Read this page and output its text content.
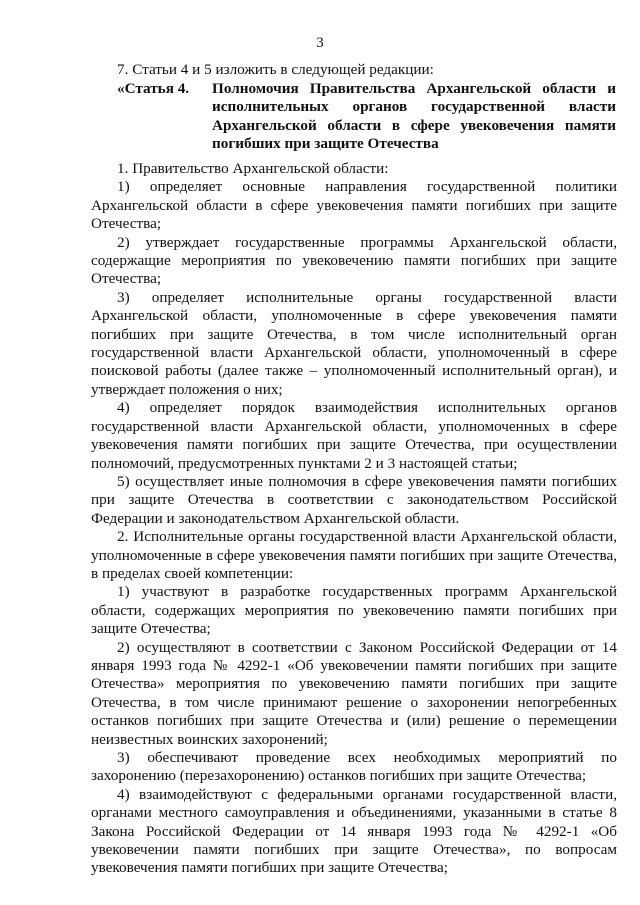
3
7. Статьи 4 и 5 изложить в следующей редакции:
«Статья 4.	Полномочия Правительства Архангельской области и исполнительных органов государственной власти Архангельской области в сфере увековечения памяти погибших при защите Отечества

1. Правительство Архангельской области:

1) определяет основные направления государственной политики Архангельской области в сфере увековечения памяти погибших при защите Отечества;

2) утверждает государственные программы Архангельской области, содержащие мероприятия по увековечению памяти погибших при защите Отечества;

3) определяет исполнительные органы государственной власти Архангельской области, уполномоченные в сфере увековечения памяти погибших при защите Отечества, в том числе исполнительный орган государственной власти Архангельской области, уполномоченный в сфере поисковой работы (далее также – уполномоченный исполнительный орган), и утверждает положения о них;

4) определяет порядок взаимодействия исполнительных органов государственной власти Архангельской области, уполномоченных в сфере увековечения памяти погибших при защите Отечества, при осуществлении полномочий, предусмотренных пунктами 2 и 3 настоящей статьи;

5) осуществляет иные полномочия в сфере увековечения памяти погибших при защите Отечества в соответствии с законодательством Российской Федерации и законодательством Архангельской области.

2. Исполнительные органы государственной власти Архангельской области, уполномоченные в сфере увековечения памяти погибших при защите Отечества, в пределах своей компетенции:

1) участвуют в разработке государственных программ Архангельской области, содержащих мероприятия по увековечению памяти погибших при защите Отечества;

2) осуществляют в соответствии с Законом Российской Федерации от 14 января 1993 года № 4292-1 «Об увековечении памяти погибших при защите Отечества» мероприятия по увековечению памяти погибших при защите Отечества, в том числе принимают решение о захоронении непогребенных останков погибших при защите Отечества и (или) решение о перемещении неизвестных воинских захоронений;

3) обеспечивают проведение всех необходимых мероприятий по захоронению (перезахоронению) останков погибших при защите Отечества;

4) взаимодействуют с федеральными органами государственной власти, органами местного самоуправления и объединениями, указанными в статье 8 Закона Российской Федерации от 14 января 1993 года № 4292-1 «Об увековечении памяти погибших при защите Отечества», по вопросам увековечения памяти погибших при защите Отечества;
